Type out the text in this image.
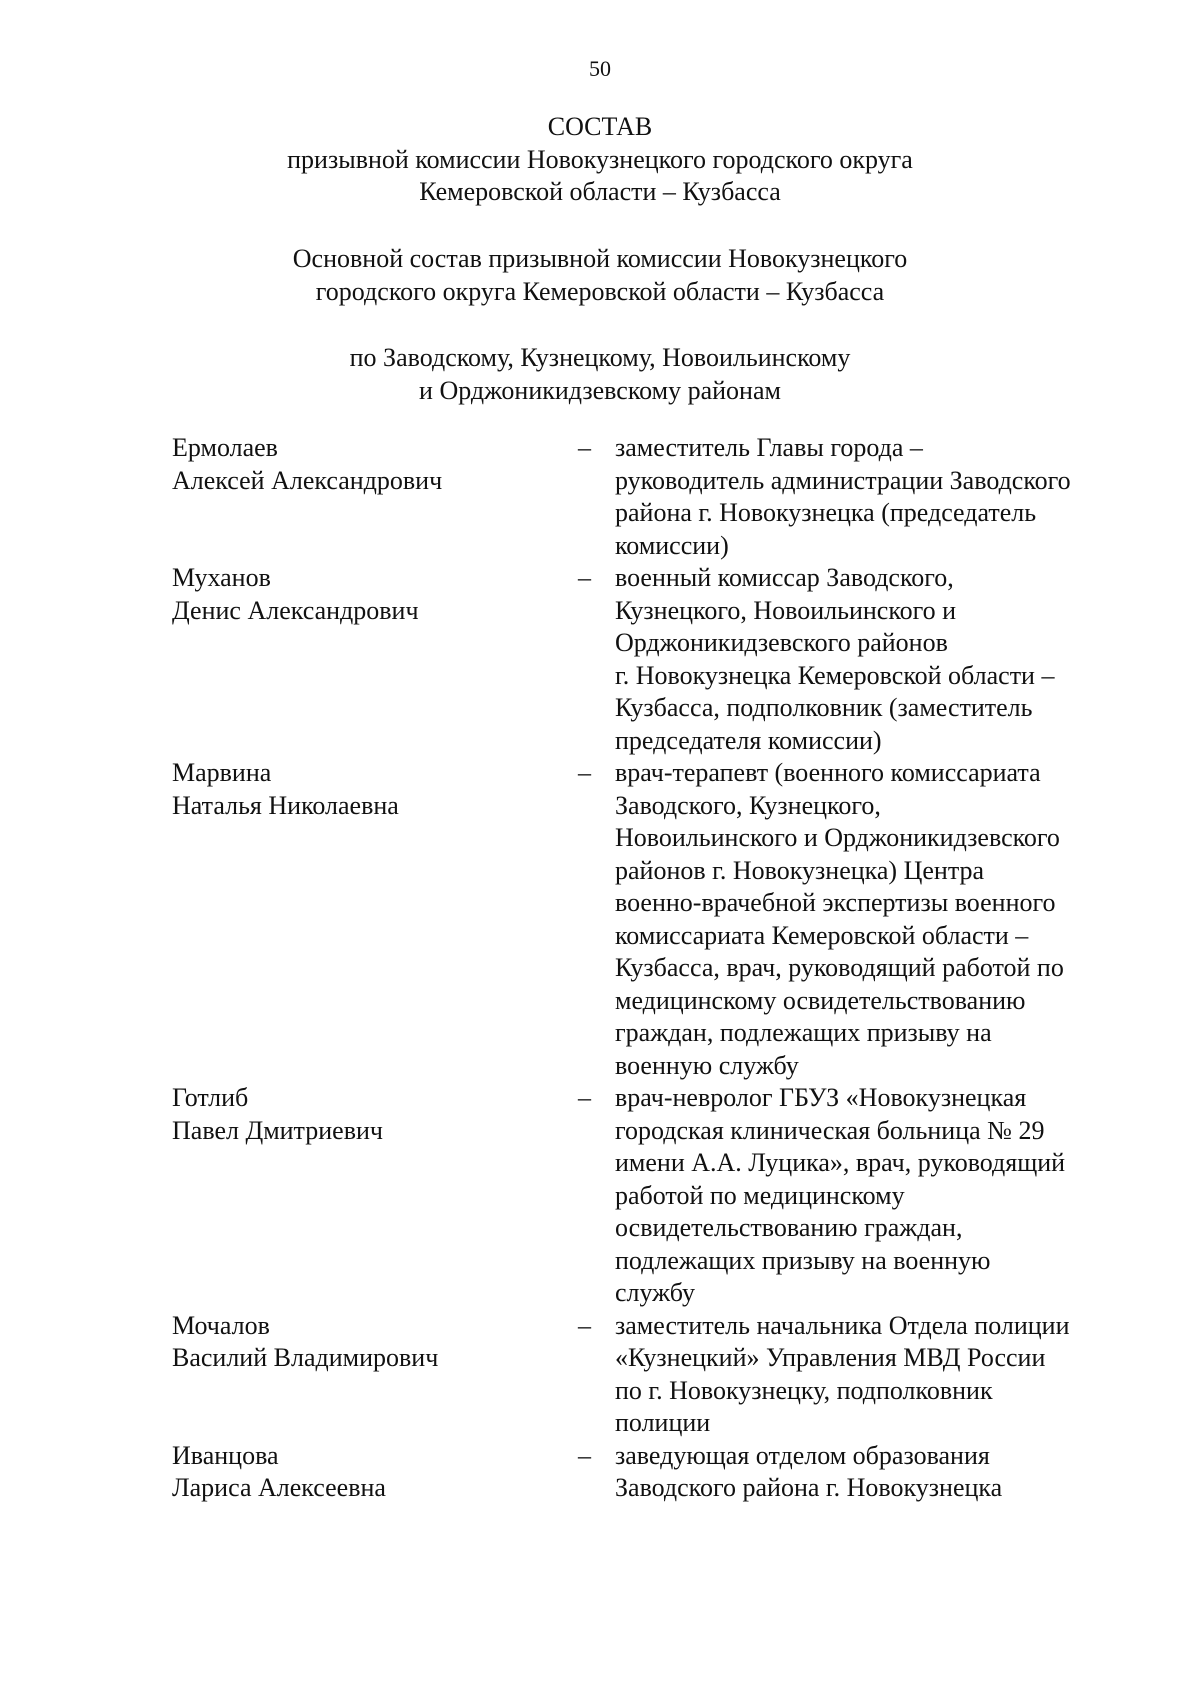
50
СОСТАВ
призывной комиссии Новокузнецкого городского округа
Кемеровской области – Кузбасса
Основной состав призывной комиссии Новокузнецкого
городского округа Кемеровской области – Кузбасса
по Заводскому, Кузнецкому, Новоильинскому
и Орджоникидзевскому районам
Ермолаев
Алексей Александрович
– заместитель Главы города –
руководитель администрации Заводского
района г. Новокузнецка (председатель
комиссии)
Муханов
Денис Александрович
– военный комиссар Заводского,
Кузнецкого, Новоильинского и
Орджоникидзевского районов
г. Новокузнецка Кемеровской области –
Кузбасса, подполковник (заместитель
председателя комиссии)
Марвина
Наталья Николаевна
– врач-терапевт (военного комиссариата
Заводского, Кузнецкого,
Новоильинского и Орджоникидзевского
районов г. Новокузнецка) Центра
военно-врачебной экспертизы военного
комиссариата Кемеровской области –
Кузбасса, врач, руководящий работой по
медицинскому освидетельствованию
граждан, подлежащих призыву на
военную службу
Готлиб
Павел Дмитриевич
– врач-невролог ГБУЗ «Новокузнецкая
городская клиническая больница № 29
имени А.А. Луцика», врач, руководящий
работой по медицинскому
освидетельствованию граждан,
подлежащих призыву на военную
службу
Мочалов
Василий Владимирович
– заместитель начальника Отдела полиции
«Кузнецкий» Управления МВД России
по г. Новокузнецку, подполковник
полиции
Иванцова
Лариса Алексеевна
– заведующая отделом образования
Заводского района г. Новокузнецка
